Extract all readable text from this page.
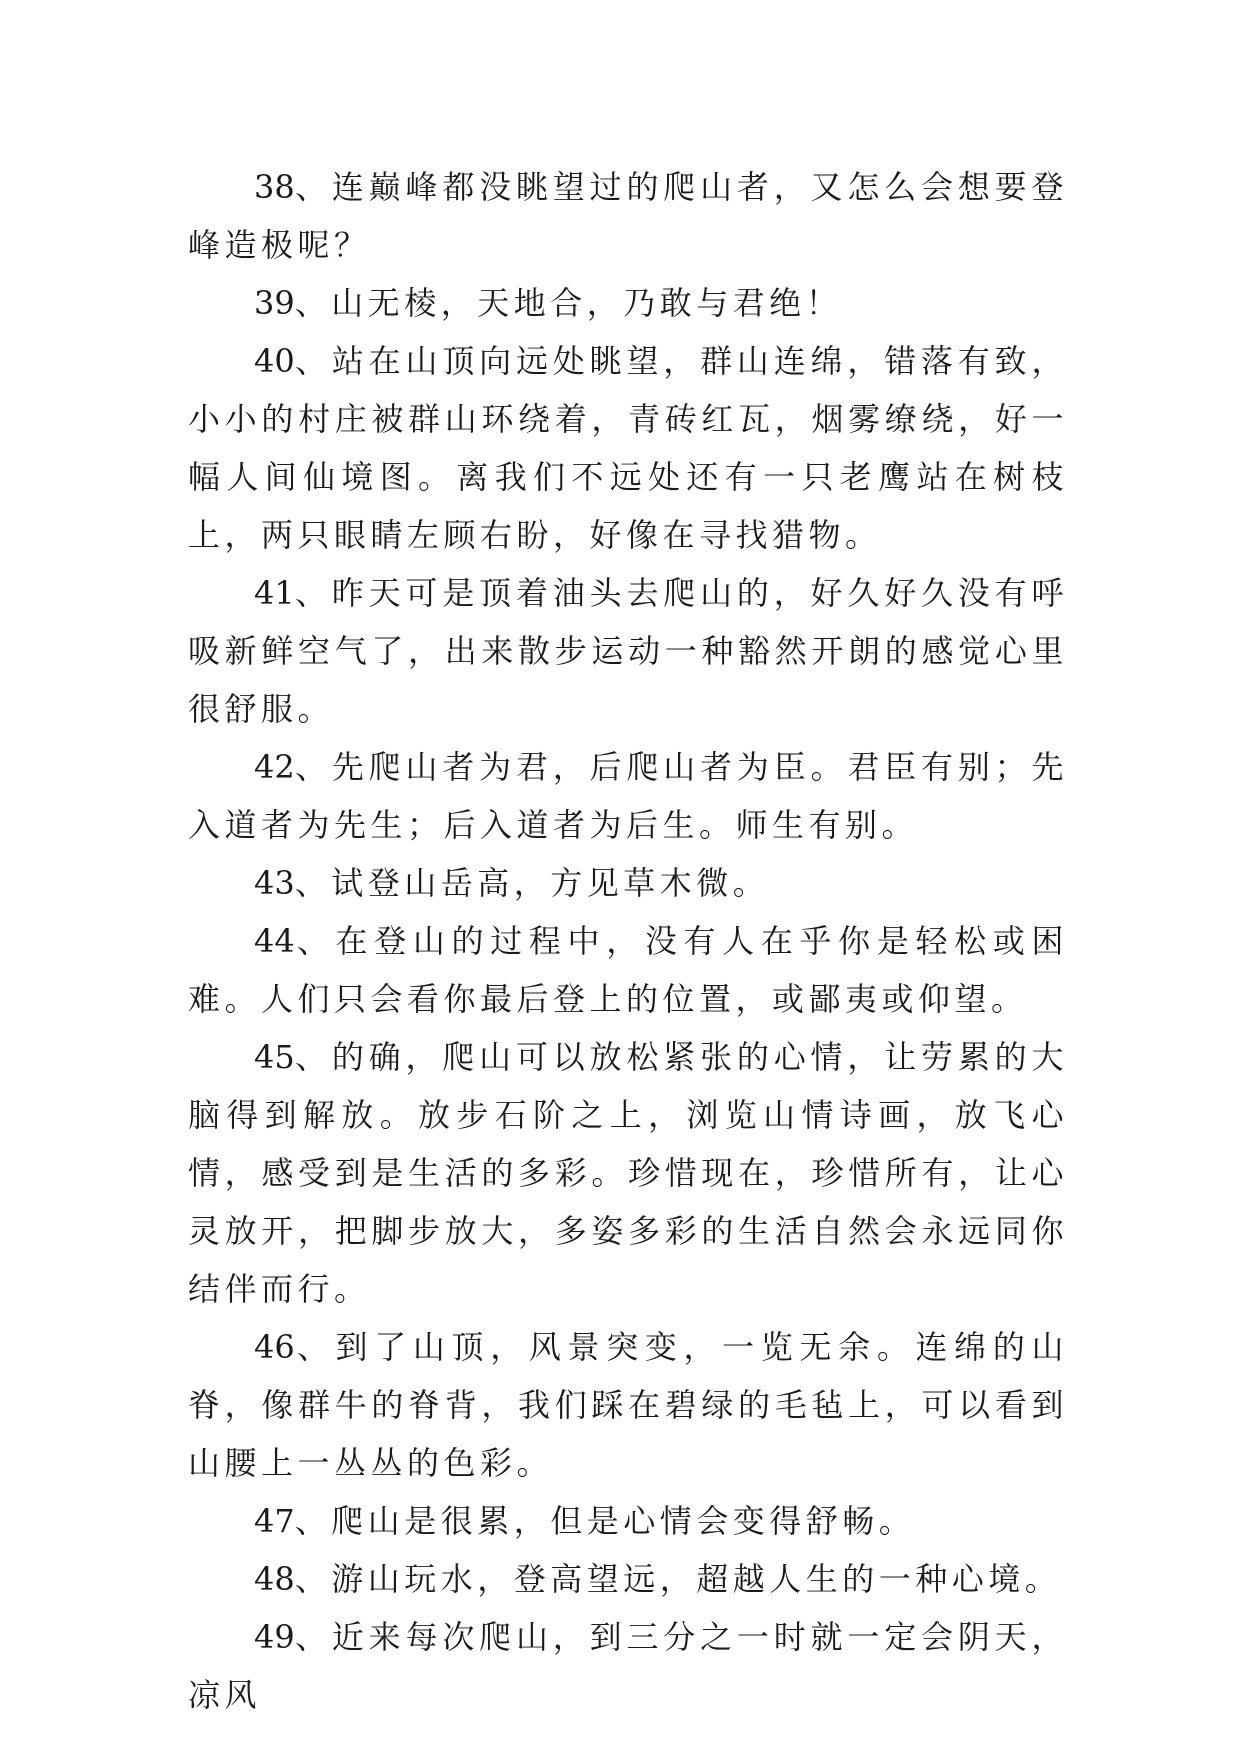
38、连巅峰都没眺望过的爬山者，又怎么会想要登峰造极呢？

39、山无棱，天地合，乃敢与君绝！

40、站在山顶向远处眺望，群山连绵，错落有致，小小的村庄被群山环绕着，青砖红瓦，烟雾缭绕，好一幅人间仙境图。离我们不远处还有一只老鹰站在树枝上，两只眼睛左顾右盼，好像在寻找猎物。

41、昨天可是顶着油头去爬山的，好久好久没有呼吸新鲜空气了，出来散步运动一种豁然开朗的感觉心里很舒服。

42、先爬山者为君，后爬山者为臣。君臣有别；先入道者为先生；后入道者为后生。师生有别。

43、试登山岳高，方见草木微。

44、在登山的过程中，没有人在乎你是轻松或困难。人们只会看你最后登上的位置，或鄙夷或仰望。

45、的确，爬山可以放松紧张的心情，让劳累的大脑得到解放。放步石阶之上，浏览山情诗画，放飞心情，感受到是生活的多彩。珍惜现在，珍惜所有，让心灵放开，把脚步放大，多姿多彩的生活自然会永远同你结伴而行。

46、到了山顶，风景突变，一览无余。连绵的山脊，像群牛的脊背，我们踩在碧绿的毛毡上，可以看到山腰上一丛丛的色彩。

47、爬山是很累，但是心情会变得舒畅。

48、游山玩水，登高望远，超越人生的一种心境。

49、近来每次爬山，到三分之一时就一定会阴天，凉风
